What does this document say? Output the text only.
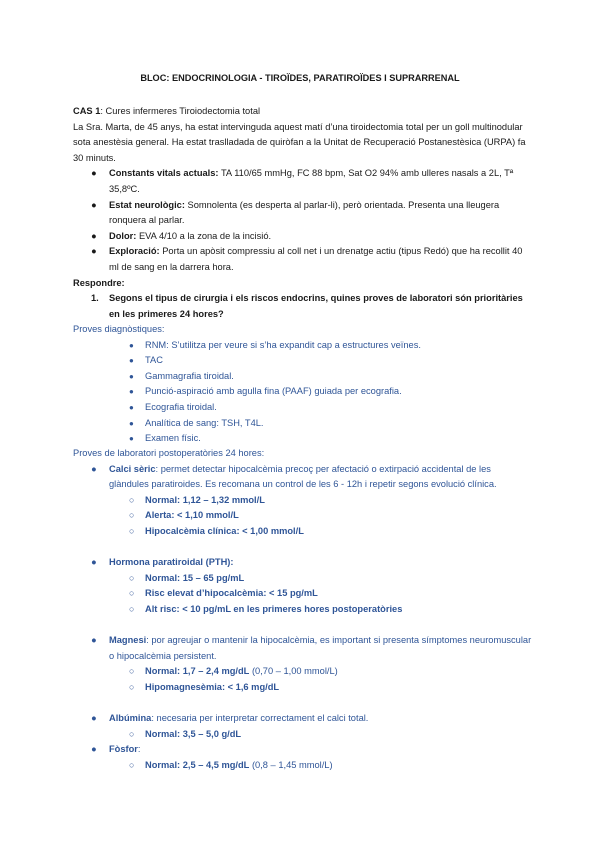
BLOC: ENDOCRINOLOGIA - TIROÏDES, PARATIROÏDES I SUPRARRENAL
CAS 1: Cures infermeres Tiroiodectomia total
La Sra. Marta, de 45 anys, ha estat intervinguda aquest matí d’una tiroidectomia total per un goll multinodular sota anestèsia general. Ha estat traslladada de quiròfan a la Unitat de Recuperació Postanestèsica (URPA) fa 30 minuts.
● Constants vitals actuals: TA 110/65 mmHg, FC 88 bpm, Sat O2 94% amb ulleres nasals a 2L, Tª 35,8ºC.
● Estat neurològic: Somnolenta (es desperta al parlar-li), però orientada. Presenta una lleugera ronquera al parlar.
● Dolor: EVA 4/10 a la zona de la incisió.
● Exploració: Porta un apòsit compressiu al coll net i un drenatge actiu (tipus Redó) que ha recollit 40 ml de sang en la darrera hora.
Respondre:
1. Segons el tipus de cirurgia i els riscos endocrins, quines proves de laboratori són prioritàries en les primeres 24 hores?
Proves diagnòstiques:
● RNM: S’utilitza per veure si s’ha expandit cap a estructures veïnes.
● TAC
● Gammagrafia tiroidal.
● Punció-aspiració amb agulla fina (PAAF) guiada per ecografia.
● Ecografia tiroidal.
● Analítica de sang: TSH, T4L.
● Examen físic.
Proves de laboratori postoperatòries 24 hores:
● Calci sèric: permet detectar hipocalcèmia precoç per afectació o extirpació accidental de les glàndules paratiroides. Es recomana un control de les 6 - 12h i repetir segons evolució clínica.
○ Normal: 1,12 – 1,32 mmol/L
○ Alerta: < 1,10 mmol/L
○ Hipocalcèmia clínica: < 1,00 mmol/L
● Hormona paratiroidal (PTH):
○ Normal: 15 – 65 pg/mL
○ Risc elevat d’hipocalcèmia: < 15 pg/mL
○ Alt risc: < 10 pg/mL en les primeres hores postoperatòries
● Magnesi: por agreujar o mantenir la hipocalcèmia, es important si presenta símptomes neuromuscular o hipocalcèmia persistent.
○ Normal: 1,7 – 2,4 mg/dL (0,70 – 1,00 mmol/L)
○ Hipomagnesèmia: < 1,6 mg/dL
● Albúmina: necesaria per interpretar correctament el calci total.
○ Normal: 3,5 – 5,0 g/dL
● Fòsfor:
○ Normal: 2,5 – 4,5 mg/dL (0,8 – 1,45 mmol/L)
